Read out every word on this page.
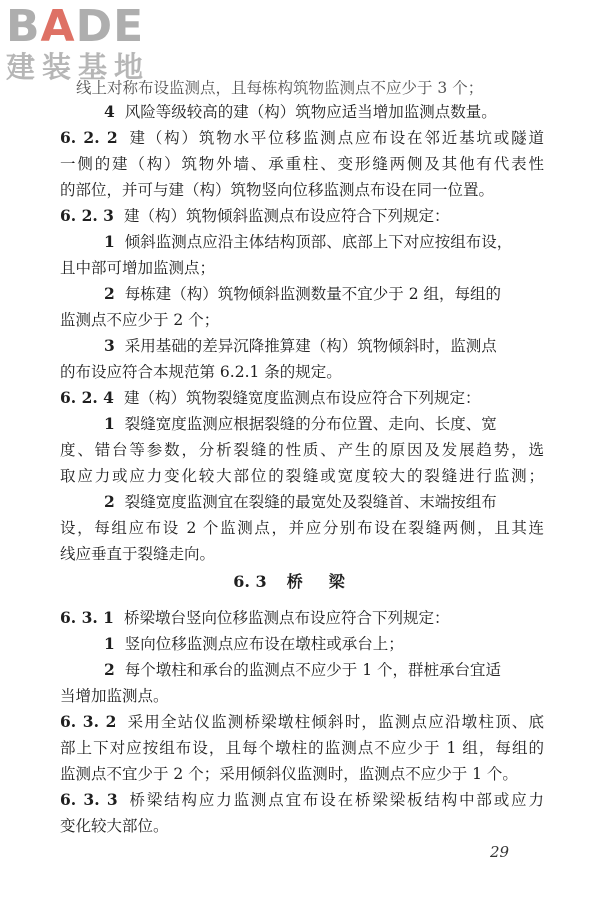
BADE
建装基地
线上对称布设监测点，且每栋构筑物监测点不应少于 3 个；
4 风险等级较高的建（构）筑物应适当增加监测点数量。
6. 2. 2 建（构）筑物水平位移监测点应布设在邻近基坑或隧道
一侧的建（构）筑物外墙、承重柱、变形缝两侧及其他有代表性
的部位，并可与建（构）筑物竖向位移监测点布设在同一位置。
6. 2. 3 建（构）筑物倾斜监测点布设应符合下列规定：
1 倾斜监测点应沿主体结构顶部、底部上下对应按组布设，
且中部可增加监测点；
2 每栋建（构）筑物倾斜监测数量不宜少于 2 组，每组的
监测点不应少于 2 个；
3 采用基础的差异沉降推算建（构）筑物倾斜时，监测点
的布设应符合本规范第 6.2.1 条的规定。
6. 2. 4 建（构）筑物裂缝宽度监测点布设应符合下列规定：
1 裂缝宽度监测应根据裂缝的分布位置、走向、长度、宽
度、错台等参数，分析裂缝的性质、产生的原因及发展趋势，选
取应力或应力变化较大部位的裂缝或宽度较大的裂缝进行监测；
2 裂缝宽度监测宜在裂缝的最宽处及裂缝首、末端按组布
设，每组应布设 2 个监测点，并应分别布设在裂缝两侧，且其连
线应垂直于裂缝走向。
6. 3 桥梁
6. 3. 1 桥梁墩台竖向位移监测点布设应符合下列规定：
1 竖向位移监测点应布设在墩柱或承台上；
2 每个墩柱和承台的监测点不应少于 1 个，群桩承台宜适
当增加监测点。
6. 3. 2 采用全站仪监测桥梁墩柱倾斜时，监测点应沿墩柱顶、底
部上下对应按组布设，且每个墩柱的监测点不应少于 1 组，每组的
监测点不宜少于 2 个；采用倾斜仪监测时，监测点不应少于 1 个。
6. 3. 3 桥梁结构应力监测点宜布设在桥梁梁板结构中部或应力
变化较大部位。
29
